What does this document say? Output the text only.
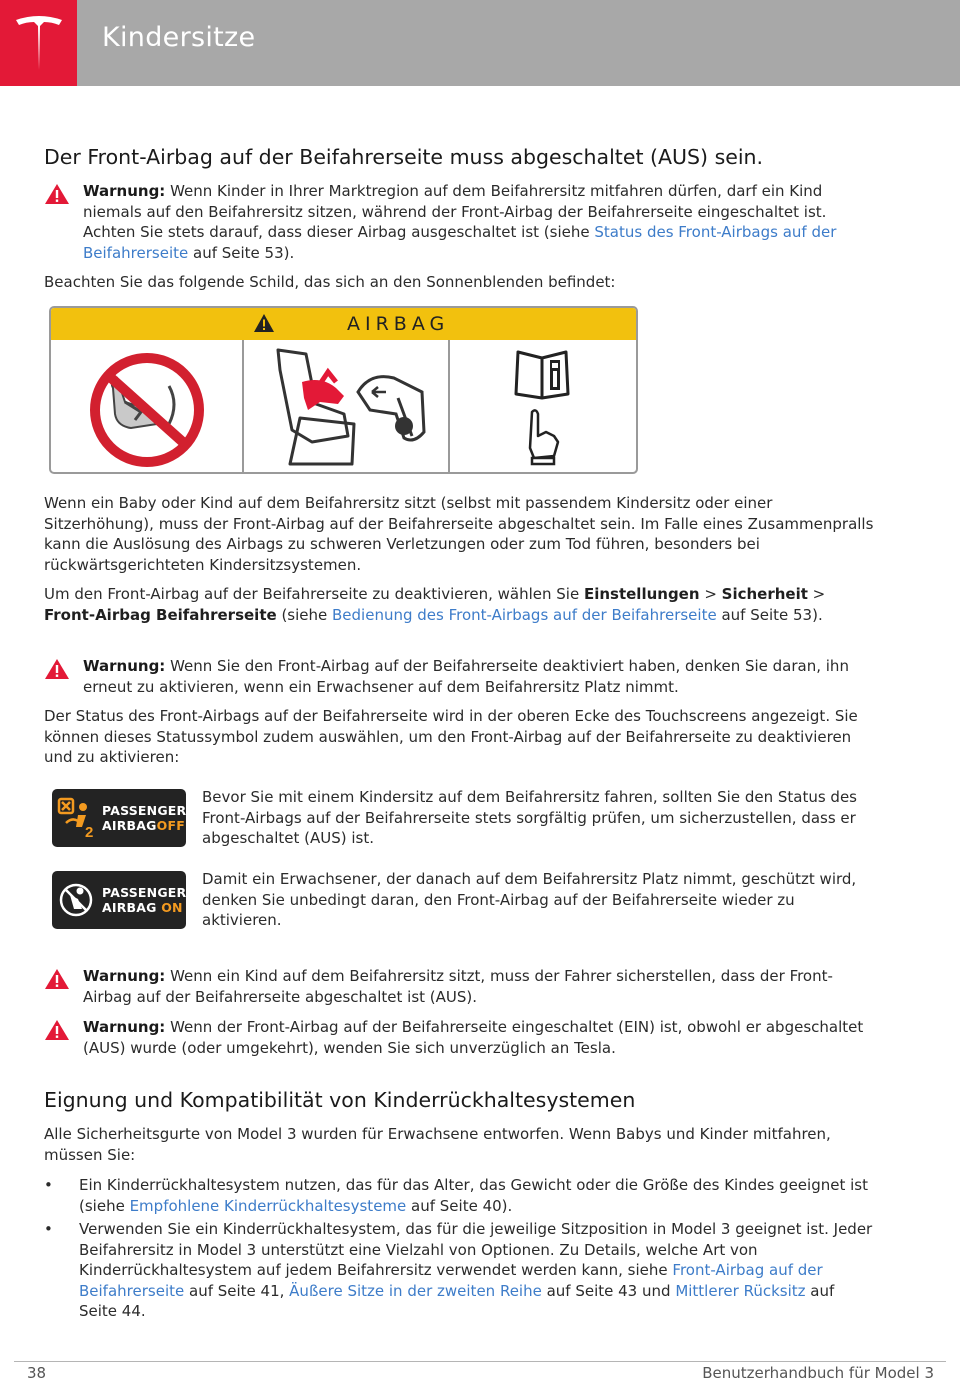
Kindersitze
Der Front-Airbag auf der Beifahrerseite muss abgeschaltet (AUS) sein.
Warnung: Wenn Kinder in Ihrer Marktregion auf dem Beifahrersitz mitfahren dürfen, darf ein Kind niemals auf den Beifahrersitz sitzen, während der Front-Airbag der Beifahrerseite eingeschaltet ist. Achten Sie stets darauf, dass dieser Airbag ausgeschaltet ist (siehe Status des Front-Airbags auf der Beifahrerseite auf Seite 53).

Beachten Sie das folgende Schild, das sich an den Sonnenblenden befindet:

AIRBAG

Wenn ein Baby oder Kind auf dem Beifahrersitz sitzt (selbst mit passendem Kindersitz oder einer Sitzerhöhung), muss der Front-Airbag auf der Beifahrerseite abgeschaltet sein. Im Falle eines Zusammenpralls kann die Auslösung des Airbags zu schweren Verletzungen oder zum Tod führen, besonders bei rückwärtsgerichteten Kindersitzsystemen.

Um den Front-Airbag auf der Beifahrerseite zu deaktivieren, wählen Sie Einstellungen > Sicherheit > Front-Airbag Beifahrerseite (siehe Bedienung des Front-Airbags auf der Beifahrerseite auf Seite 53).

Warnung: Wenn Sie den Front-Airbag auf der Beifahrerseite deaktiviert haben, denken Sie daran, ihn erneut zu aktivieren, wenn ein Erwachsener auf dem Beifahrersitz Platz nimmt.

Der Status des Front-Airbags auf der Beifahrerseite wird in der oberen Ecke des Touchscreens angezeigt. Sie können dieses Statussymbol zudem auswählen, um den Front-Airbag auf der Beifahrerseite zu deaktivieren und zu aktivieren:

2
PASSENGER
AIRBAGOFF
Bevor Sie mit einem Kindersitz auf dem Beifahrersitz fahren, sollten Sie den Status des Front-Airbags auf der Beifahrerseite stets sorgfältig prüfen, um sicherzustellen, dass er abgeschaltet (AUS) ist.
PASSENGER
AIRBAG ON
Damit ein Erwachsener, der danach auf dem Beifahrersitz Platz nimmt, geschützt wird, denken Sie unbedingt daran, den Front-Airbag auf der Beifahrerseite wieder zu aktivieren.
Warnung: Wenn ein Kind auf dem Beifahrersitz sitzt, muss der Fahrer sicherstellen, dass der Front-Airbag auf der Beifahrerseite abgeschaltet ist (AUS).
Warnung: Wenn der Front-Airbag auf der Beifahrerseite eingeschaltet (EIN) ist, obwohl er abgeschaltet (AUS) wurde (oder umgekehrt), wenden Sie sich unverzüglich an Tesla.
Eignung und Kompatibilität von Kinderrückhaltesystemen

Alle Sicherheitsgurte von Model 3 wurden für Erwachsene entworfen. Wenn Babys und Kinder mitfahren, müssen Sie:

• Ein Kinderrückhaltesystem nutzen, das für das Alter, das Gewicht oder die Größe des Kindes geeignet ist (siehe Empfohlene Kinderrückhaltesysteme auf Seite 40).
• Verwenden Sie ein Kinderrückhaltesystem, das für die jeweilige Sitzposition in Model 3 geeignet ist. Jeder Beifahrersitz in Model 3 unterstützt eine Vielzahl von Optionen. Zu Details, welche Art von Kinderrückhaltesystem auf jedem Beifahrersitz verwendet werden kann, siehe Front-Airbag auf der Beifahrerseite auf Seite 41, Äußere Sitze in der zweiten Reihe auf Seite 43 und Mittlerer Rücksitz auf Seite 44.
38	Benutzerhandbuch für Model 3
